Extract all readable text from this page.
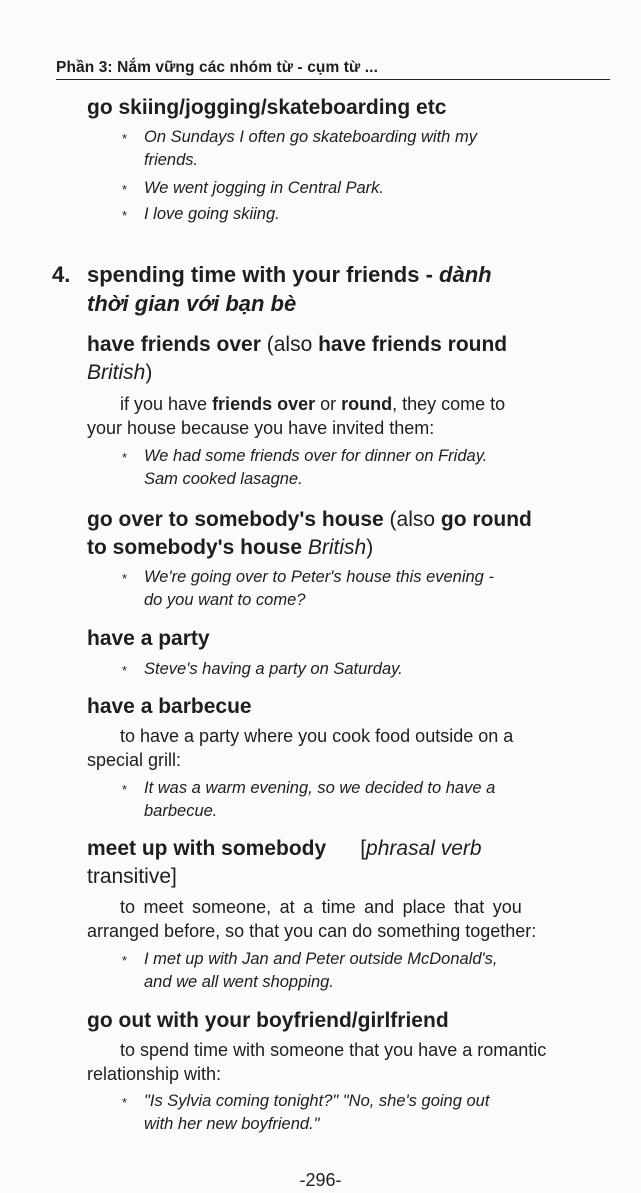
Phần 3: Nắm vững các nhóm từ - cụm từ ...
go skiing/jogging/skateboarding etc
* On Sundays I often go skateboarding with my
friends.
* We went jogging in Central Park.
* I love going skiing.
4. spending time with your friends - dành
thời gian với bạn bè
have friends over (also have friends round
British)
if you have friends over or round, they come to
your house because you have invited them:
* We had some friends over for dinner on Friday.
Sam cooked lasagne.
go over to somebody's house (also go round
to somebody's house British)
* We're going over to Peter's house this evening -
do you want to come?
have a party
* Steve's having a party on Saturday.
have a barbecue
to have a party where you cook food outside on a
special grill:
* It was a warm evening, so we decided to have a
barbecue.
meet up with somebody [phrasal verb
transitive]
to meet someone, at a time and place that you
arranged before, so that you can do something together:
* I met up with Jan and Peter outside McDonald's,
and we all went shopping.
go out with your boyfriend/girlfriend
to spend time with someone that you have a romantic
relationship with:
* "Is Sylvia coming tonight?" "No, she's going out
with her new boyfriend."
-296-
